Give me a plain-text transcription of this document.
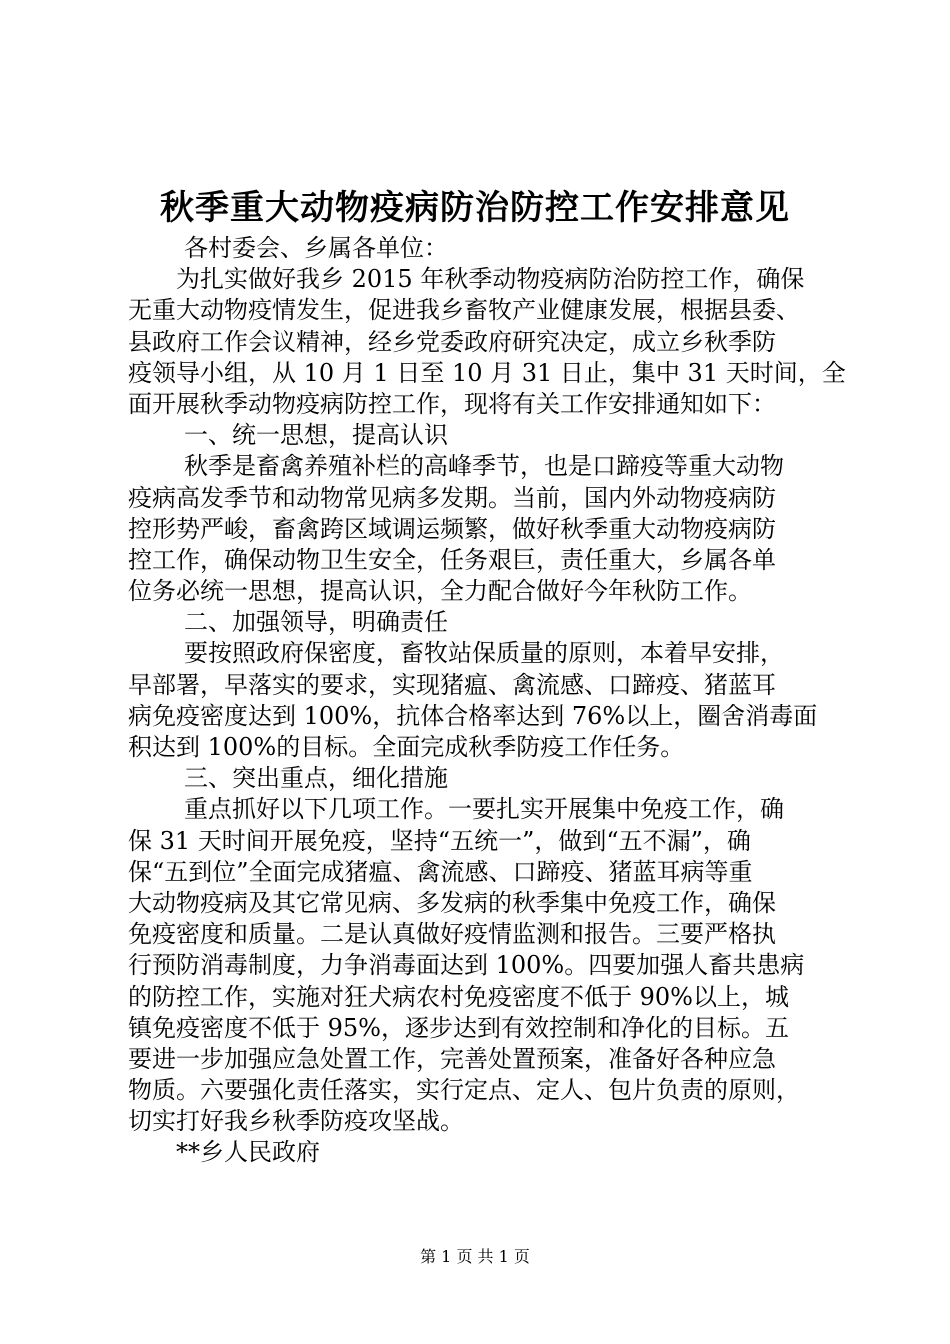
秋季重大动物疫病防治防控工作安排意见
各村委会、乡属各单位：
为扎实做好我乡 2015 年秋季动物疫病防治防控工作，确保
无重大动物疫情发生，促进我乡畜牧产业健康发展，根据县委、
县政府工作会议精神，经乡党委政府研究决定，成立乡秋季防
疫领导小组，从 10 月 1 日至 10 月 31 日止，集中 31 天时间，全
面开展秋季动物疫病防控工作，现将有关工作安排通知如下：
一、统一思想，提高认识
秋季是畜禽养殖补栏的高峰季节，也是口蹄疫等重大动物
疫病高发季节和动物常见病多发期。当前，国内外动物疫病防
控形势严峻，畜禽跨区域调运频繁，做好秋季重大动物疫病防
控工作，确保动物卫生安全，任务艰巨，责任重大，乡属各单
位务必统一思想，提高认识，全力配合做好今年秋防工作。
二、加强领导，明确责任
要按照政府保密度，畜牧站保质量的原则，本着早安排，
早部署，早落实的要求，实现猪瘟、禽流感、口蹄疫、猪蓝耳
病免疫密度达到 100%，抗体合格率达到 76%以上，圈舍消毒面
积达到 100%的目标。全面完成秋季防疫工作任务。
三、突出重点，细化措施
重点抓好以下几项工作。一要扎实开展集中免疫工作，确
保 31 天时间开展免疫，坚持“五统一”，做到“五不漏”，确
保“五到位”全面完成猪瘟、禽流感、口蹄疫、猪蓝耳病等重
大动物疫病及其它常见病、多发病的秋季集中免疫工作，确保
免疫密度和质量。二是认真做好疫情监测和报告。三要严格执
行预防消毒制度，力争消毒面达到 100%。四要加强人畜共患病
的防控工作，实施对狂犬病农村免疫密度不低于 90%以上，城
镇免疫密度不低于 95%，逐步达到有效控制和净化的目标。五
要进一步加强应急处置工作，完善处置预案，准备好各种应急
物质。六要强化责任落实，实行定点、定人、包片负责的原则，
切实打好我乡秋季防疫攻坚战。
**乡人民政府
第 1 页 共 1 页
